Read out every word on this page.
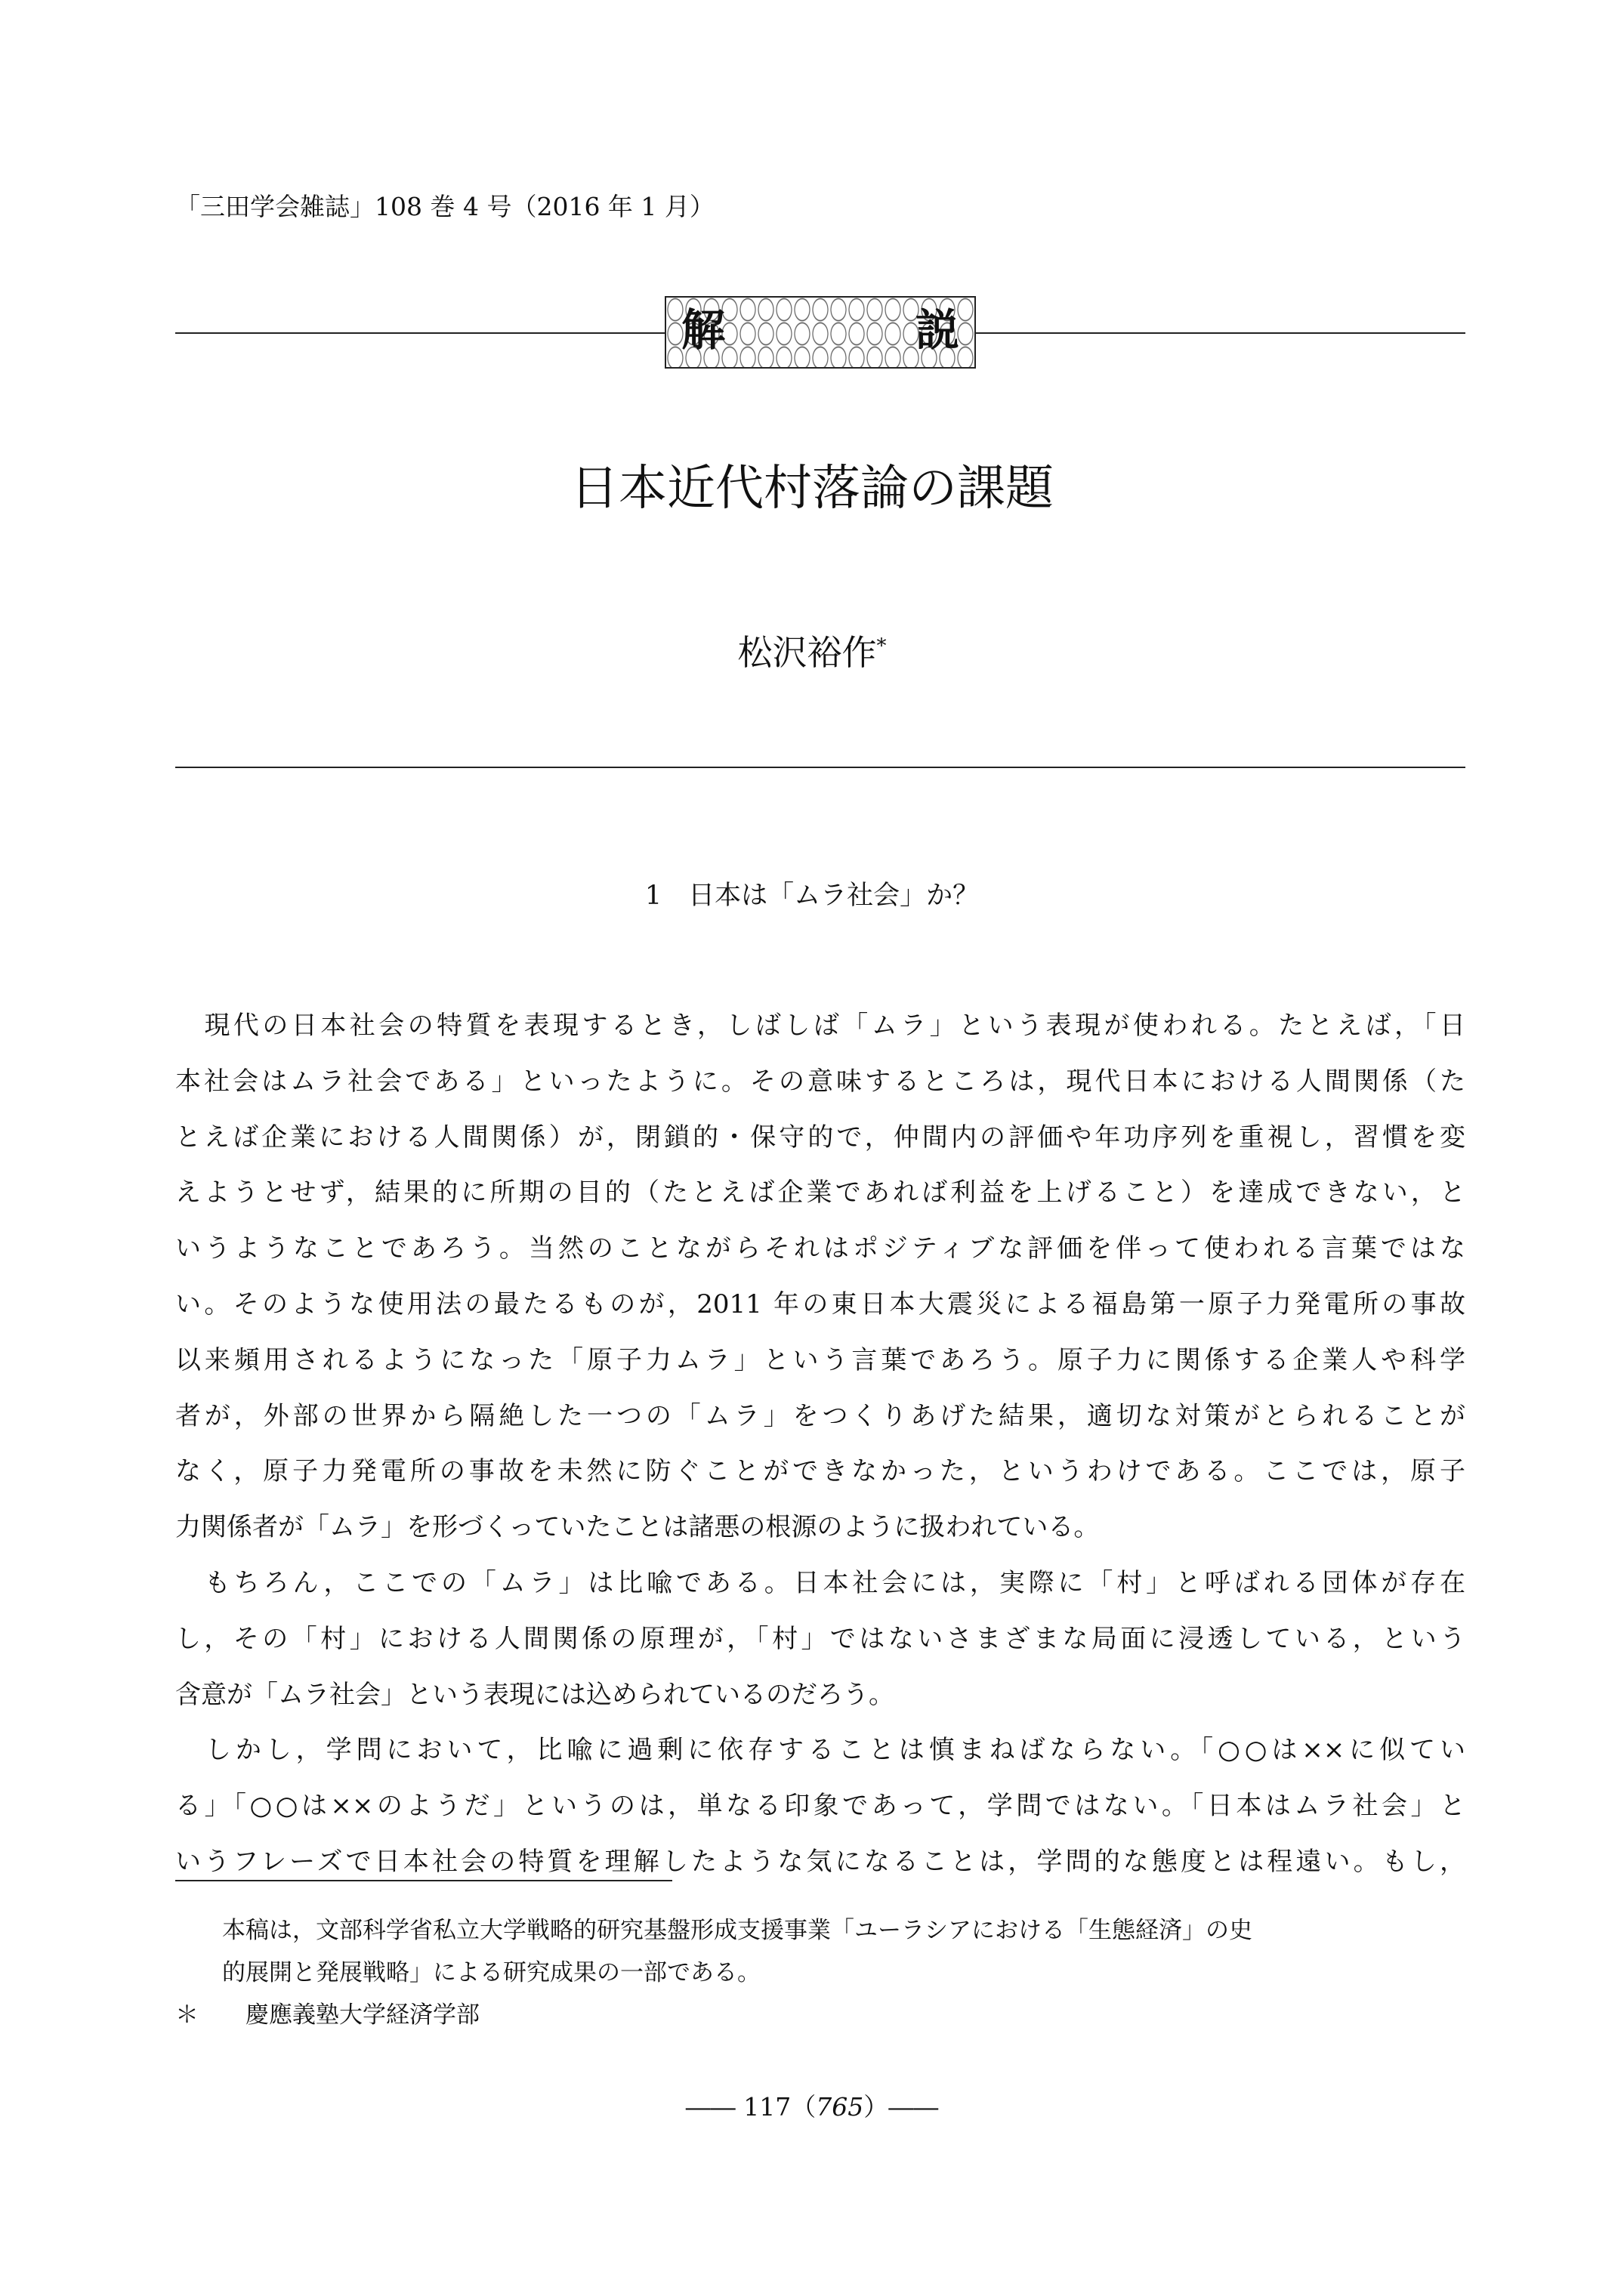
「三田学会雑誌」108 巻 4 号（2016 年 1 月）
解	説
日本近代村落論の課題
松沢裕作*
1　日本は「ムラ社会」か？
　現代の日本社会の特質を表現するとき，しばしば「ムラ」という表現が使われる。たとえば，「日
本社会はムラ社会である」といったように。その意味するところは，現代日本における人間関係（た
とえば企業における人間関係）が，閉鎖的・保守的で，仲間内の評価や年功序列を重視し，習慣を変
えようとせず，結果的に所期の目的（たとえば企業であれば利益を上げること）を達成できない，と
いうようなことであろう。当然のことながらそれはポジティブな評価を伴って使われる言葉ではな
い。そのような使用法の最たるものが，2011 年の東日本大震災による福島第一原子力発電所の事故
以来頻用されるようになった「原子力ムラ」という言葉であろう。原子力に関係する企業人や科学
者が，外部の世界から隔絶した一つの「ムラ」をつくりあげた結果，適切な対策がとられることが
なく，原子力発電所の事故を未然に防ぐことができなかった，というわけである。ここでは，原子
力関係者が「ムラ」を形づくっていたことは諸悪の根源のように扱われている。
　もちろん，ここでの「ムラ」は比喩である。日本社会には，実際に「村」と呼ばれる団体が存在
し，その「村」における人間関係の原理が，「村」ではないさまざまな局面に浸透している，という
含意が「ムラ社会」という表現には込められているのだろう。
　しかし，学問において，比喩に過剰に依存することは慎まねばならない。「○○は××に似てい
る」「○○は××のようだ」というのは，単なる印象であって，学問ではない。「日本はムラ社会」と
いうフレーズで日本社会の特質を理解したような気になることは，学問的な態度とは程遠い。もし，
　　本稿は，文部科学省私立大学戦略的研究基盤形成支援事業「ユーラシアにおける「生態経済」の史
　　的展開と発展戦略」による研究成果の一部である。
＊　　慶應義塾大学経済学部
―― 117（765）――
